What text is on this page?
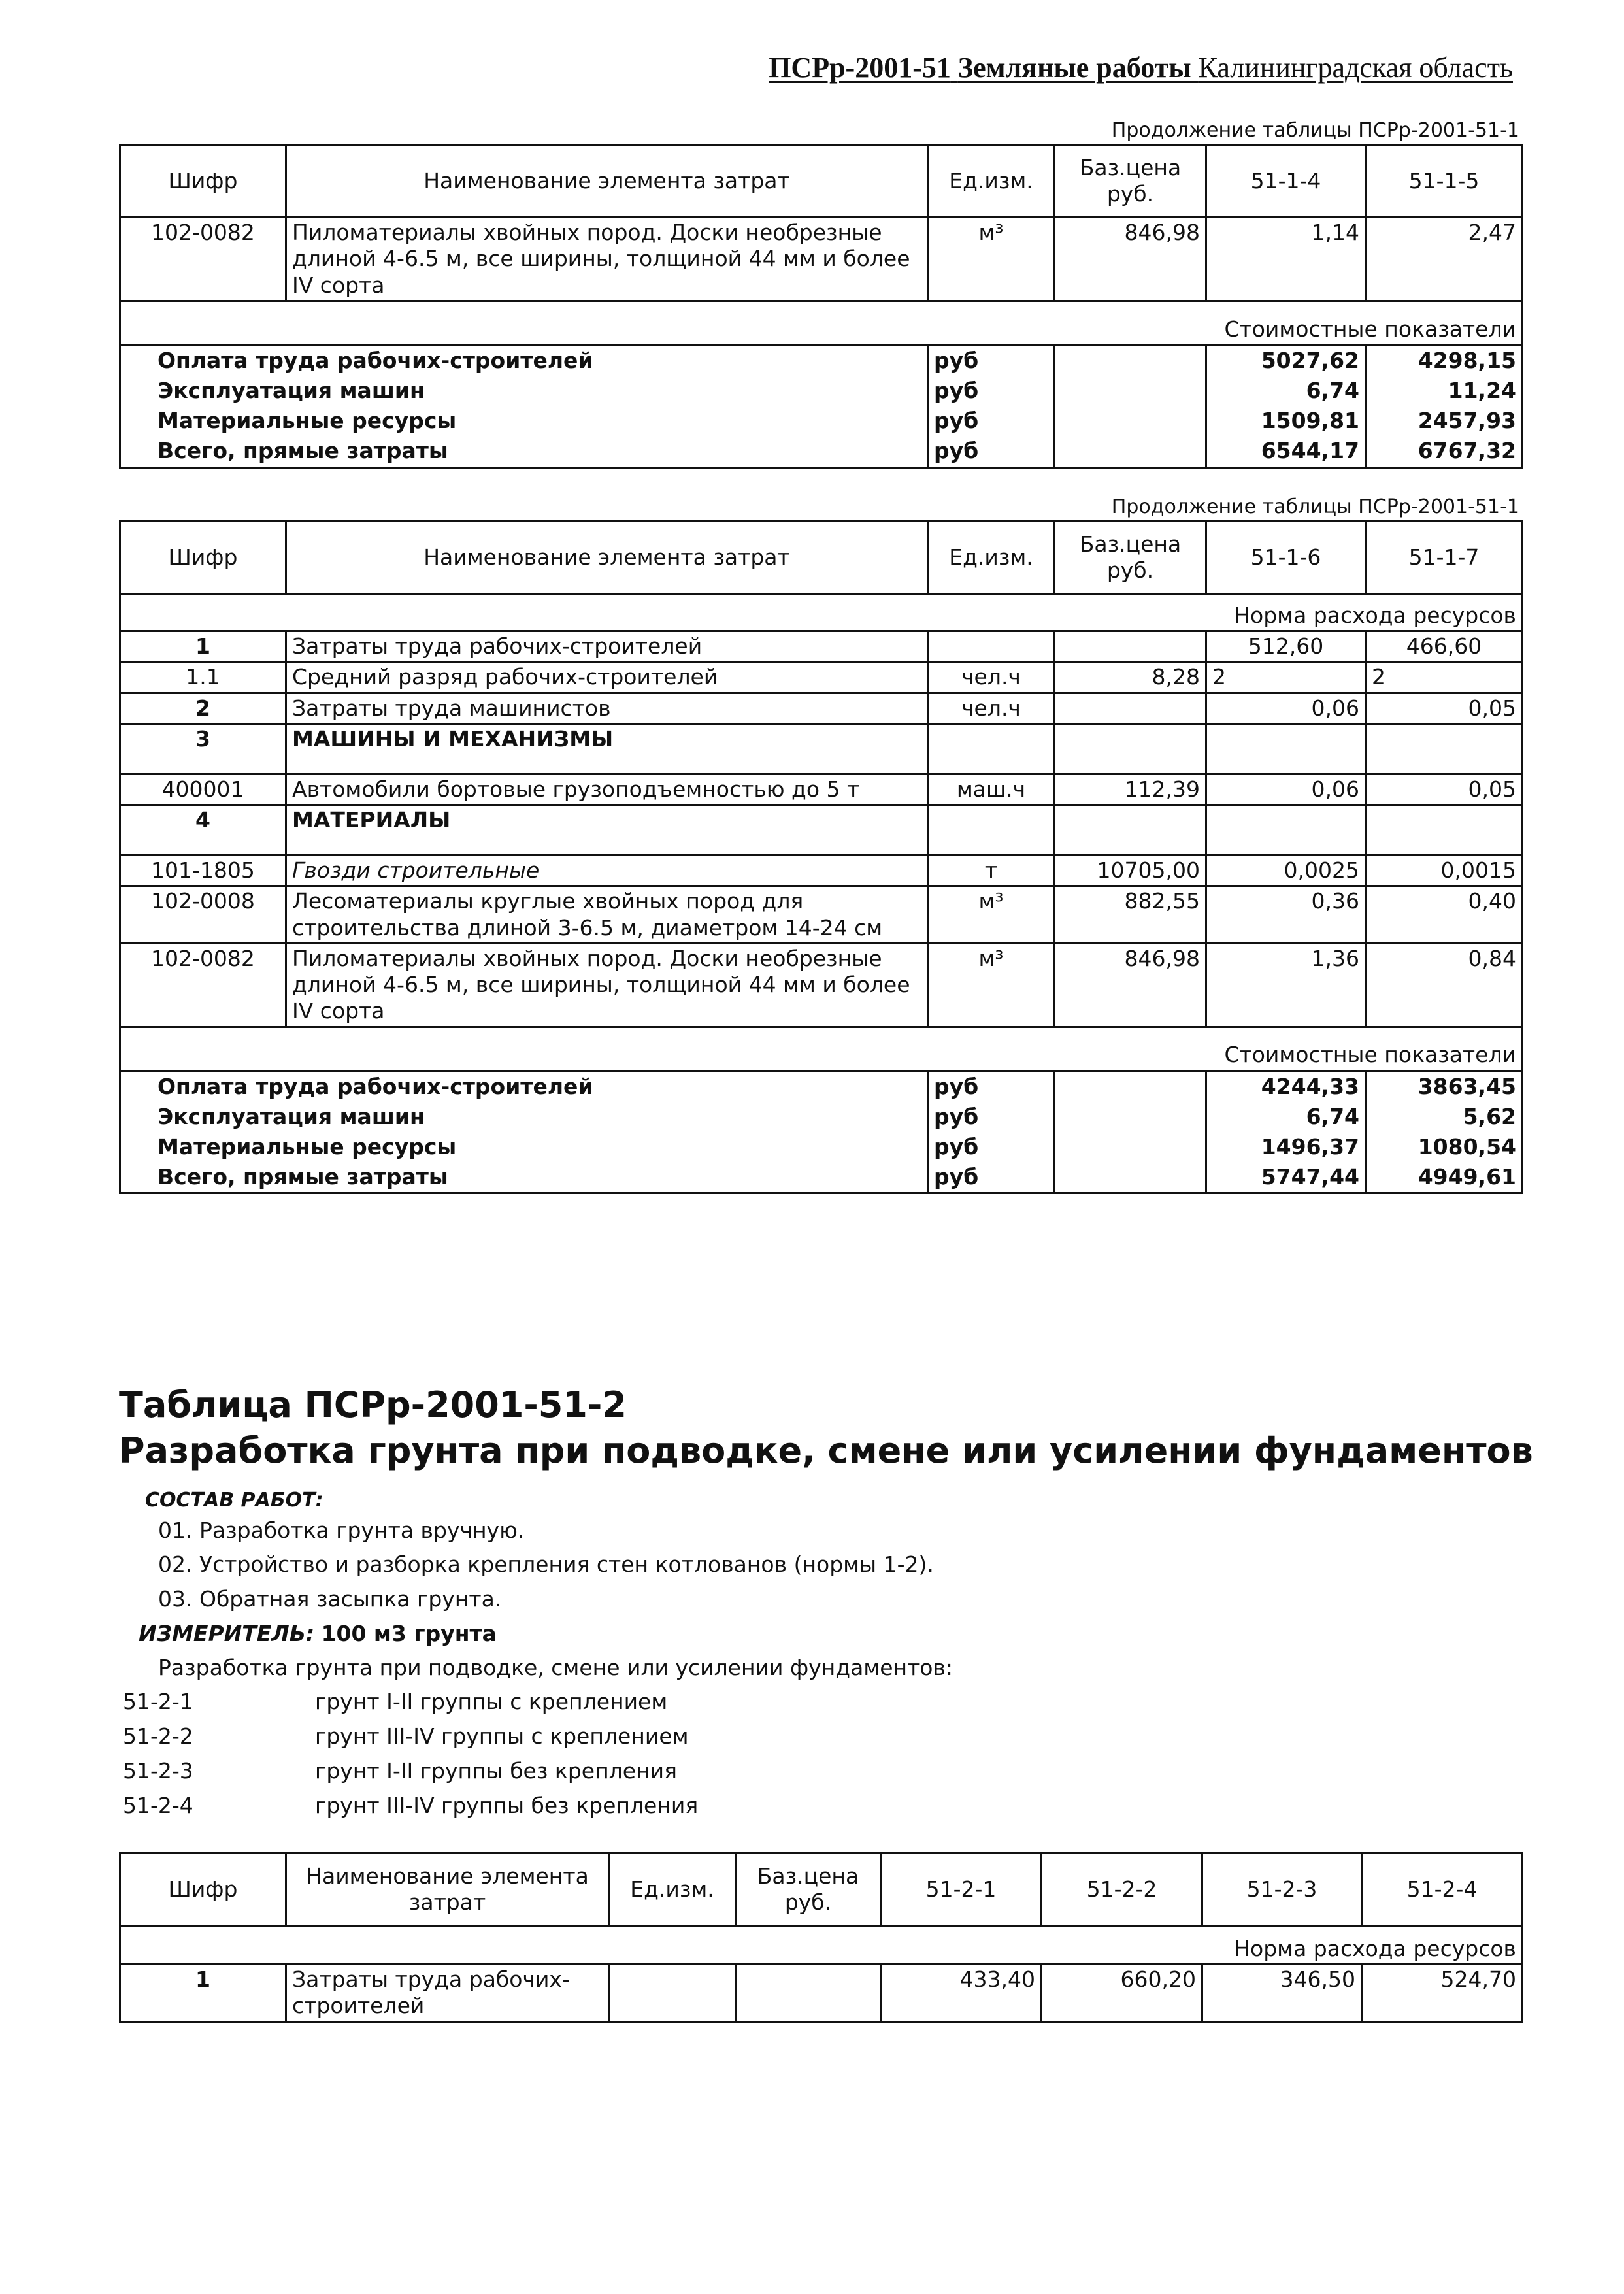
ПСРр-2001-51 Земляные работы Калининградская область
Продолжение таблицы ПСРр-2001-51-1
Шифр	Наименование элемента затрат	Ед.изм.	Баз.цена руб.	51-1-4	51-1-5
102-0082	Пиломатериалы хвойных пород. Доски необрезные длиной 4-6.5 м, все ширины, толщиной 44 мм и более IV сорта	м³	846,98	1,14	2,47
Стоимостные показатели					
Оплата труда рабочих-строителей		руб		5027,62	4298,15
Эксплуатация машин		руб		6,74	11,24
Материальные ресурсы		руб		1509,81	2457,93
Всего, прямые затраты		руб		6544,17	6767,32
Продолжение таблицы ПСРр-2001-51-1
Шифр	Наименование элемента затрат	Ед.изм.	Баз.цена руб.	51-1-6	51-1-7
Норма расхода ресурсов					
1	Затраты труда рабочих-строителей			512,60	466,60
1.1	Средний разряд рабочих-строителей	чел.ч	8,28	2	2
2	Затраты труда машинистов	чел.ч		0,06	0,05
3	МАШИНЫ И МЕХАНИЗМЫ				
400001	Автомобили бортовые грузоподъемностью до 5 т	маш.ч	112,39	0,06	0,05
4	МАТЕРИАЛЫ				
101-1805	Гвозди строительные	т	10705,00	0,0025	0,0015
102-0008	Лесоматериалы круглые хвойных пород для строительства длиной 3-6.5 м, диаметром 14-24 см	м³	882,55	0,36	0,40
102-0082	Пиломатериалы хвойных пород. Доски необрезные длиной 4-6.5 м, все ширины, толщиной 44 мм и более IV сорта	м³	846,98	1,36	0,84
Стоимостные показатели					
Оплата труда рабочих-строителей		руб		4244,33	3863,45
Эксплуатация машин		руб		6,74	5,62
Материальные ресурсы		руб		1496,37	1080,54
Всего, прямые затраты		руб		5747,44	4949,61
Таблица ПСРр-2001-51-2
Разработка грунта при подводке, смене или усилении фундаментов
СОСТАВ РАБОТ:
01. Разработка грунта вручную.
02. Устройство и разборка крепления стен котлованов (нормы 1-2).
03. Обратная засыпка грунта.
ИЗМЕРИТЕЛЬ: 100 м3 грунта
Разработка грунта при подводке, смене или усилении фундаментов:
51-2-1	грунт I-II группы с креплением
51-2-2	грунт III-IV группы с креплением
51-2-3	грунт I-II группы без крепления
51-2-4	грунт III-IV группы без крепления
Шифр	Наименование элемента затрат	Ед.изм.	Баз.цена руб.	51-2-1	51-2-2	51-2-3	51-2-4
Норма расхода ресурсов							
1	Затраты труда рабочих-строителей			433,40	660,20	346,50	524,70
